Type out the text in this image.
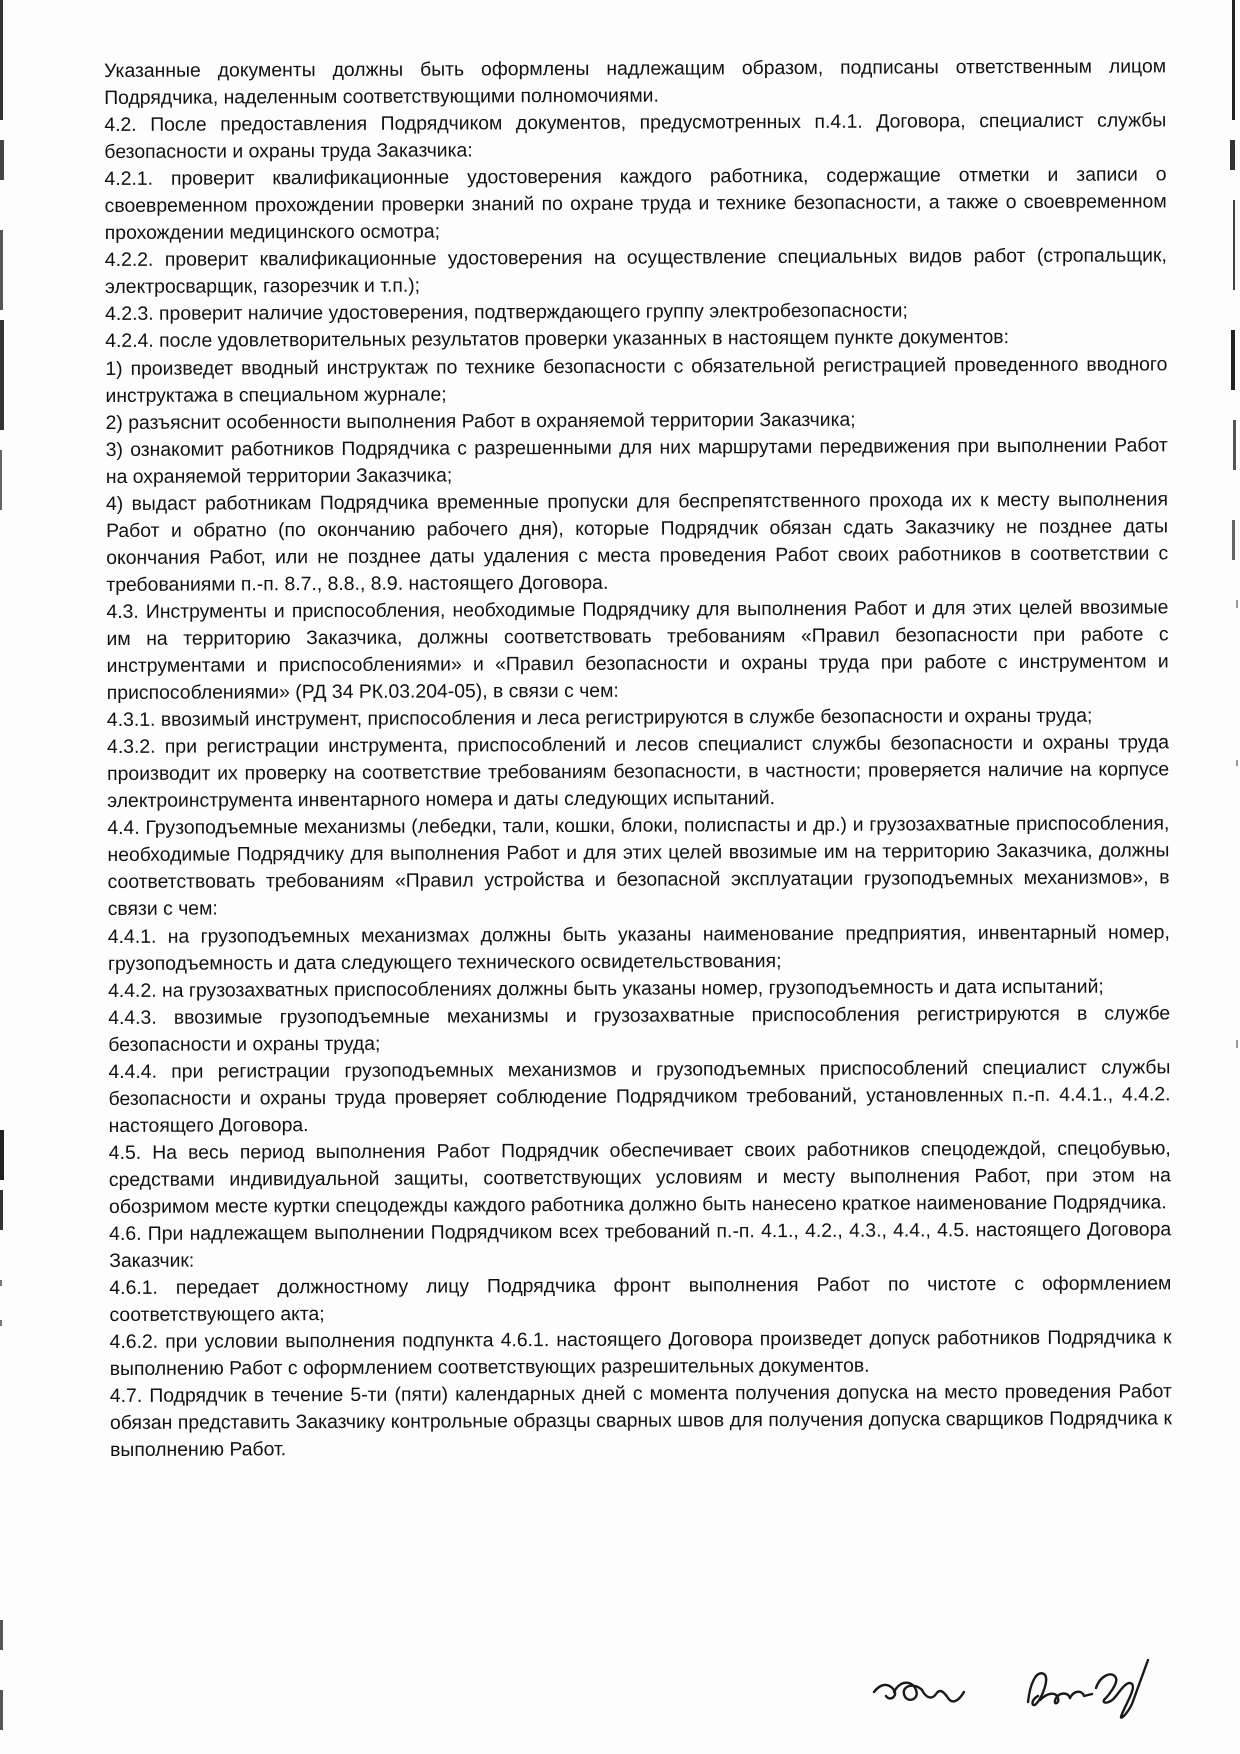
Указанные документы должны быть оформлены надлежащим образом, подписаны ответственным лицом Подрядчика, наделенным соответствующими полномочиями.

4.2. После предоставления Подрядчиком документов, предусмотренных п.4.1. Договора, специалист службы безопасности и охраны труда Заказчика:

4.2.1. проверит квалификационные удостоверения каждого работника, содержащие отметки и записи о своевременном прохождении проверки знаний по охране труда и технике безопасности, а также о своевременном прохождении медицинского осмотра;

4.2.2. проверит квалификационные удостоверения на осуществление специальных видов работ (стропальщик, электросварщик, газорезчик и т.п.);

4.2.3. проверит наличие удостоверения, подтверждающего группу электробезопасности;

4.2.4. после удовлетворительных результатов проверки указанных в настоящем пункте документов:

1) произведет вводный инструктаж по технике безопасности с обязательной регистрацией проведенного вводного инструктажа в специальном журнале;

2) разъяснит особенности выполнения Работ в охраняемой территории Заказчика;

3) ознакомит работников Подрядчика с разрешенными для них маршрутами передвижения при выполнении Работ на охраняемой территории Заказчика;

4) выдаст работникам Подрядчика временные пропуски для беспрепятственного прохода их к месту выполнения Работ и обратно (по окончанию рабочего дня), которые Подрядчик обязан сдать Заказчику не позднее даты окончания Работ, или не позднее даты удаления с места проведения Работ своих работников в соответствии с требованиями п.-п. 8.7., 8.8., 8.9. настоящего Договора.

4.3. Инструменты и приспособления, необходимые Подрядчику для выполнения Работ и для этих целей ввозимые им на территорию Заказчика, должны соответствовать требованиям «Правил безопасности при работе с инструментами и приспособлениями» и «Правил безопасности и охраны труда при работе с инструментом и приспособлениями» (РД 34 РК.03.204-05), в связи с чем:

4.3.1. ввозимый инструмент, приспособления и леса регистрируются в службе безопасности и охраны труда;

4.3.2. при регистрации инструмента, приспособлений и лесов специалист службы безопасности и охраны труда производит их проверку на соответствие требованиям безопасности, в частности; проверяется наличие на корпусе электроинструмента инвентарного номера и даты следующих испытаний.

4.4. Грузоподъемные механизмы (лебедки, тали, кошки, блоки, полиспасты и др.) и грузозахватные приспособления, необходимые Подрядчику для выполнения Работ и для этих целей ввозимые им на территорию Заказчика, должны соответствовать требованиям «Правил устройства и безопасной эксплуатации грузоподъемных механизмов», в связи с чем:

4.4.1. на грузоподъемных механизмах должны быть указаны наименование предприятия, инвентарный номер, грузоподъемность и дата следующего технического освидетельствования;

4.4.2. на грузозахватных приспособлениях должны быть указаны номер, грузоподъемность и дата испытаний;

4.4.3. ввозимые грузоподъемные механизмы и грузозахватные приспособления регистрируются в службе безопасности и охраны труда;

4.4.4. при регистрации грузоподъемных механизмов и грузоподъемных приспособлений специалист службы безопасности и охраны труда проверяет соблюдение Подрядчиком требований, установленных п.-п. 4.4.1., 4.4.2. настоящего Договора.

4.5. На весь период выполнения Работ Подрядчик обеспечивает своих работников спецодеждой, спецобувью, средствами индивидуальной защиты, соответствующих условиям и месту выполнения Работ, при этом на обозримом месте куртки спецодежды каждого работника должно быть нанесено краткое наименование Подрядчика.

4.6. При надлежащем выполнении Подрядчиком всех требований п.-п. 4.1., 4.2., 4.3., 4.4., 4.5. настоящего Договора Заказчик:

4.6.1. передает должностному лицу Подрядчика фронт выполнения Работ по чистоте с оформлением соответствующего акта;

4.6.2. при условии выполнения подпункта 4.6.1. настоящего Договора произведет допуск работников Подрядчика к выполнению Работ с оформлением соответствующих разрешительных документов.

4.7. Подрядчик в течение 5-ти (пяти) календарных дней с момента получения допуска на место проведения Работ обязан представить Заказчику контрольные образцы сварных швов для получения допуска сварщиков Подрядчика к выполнению Работ.
